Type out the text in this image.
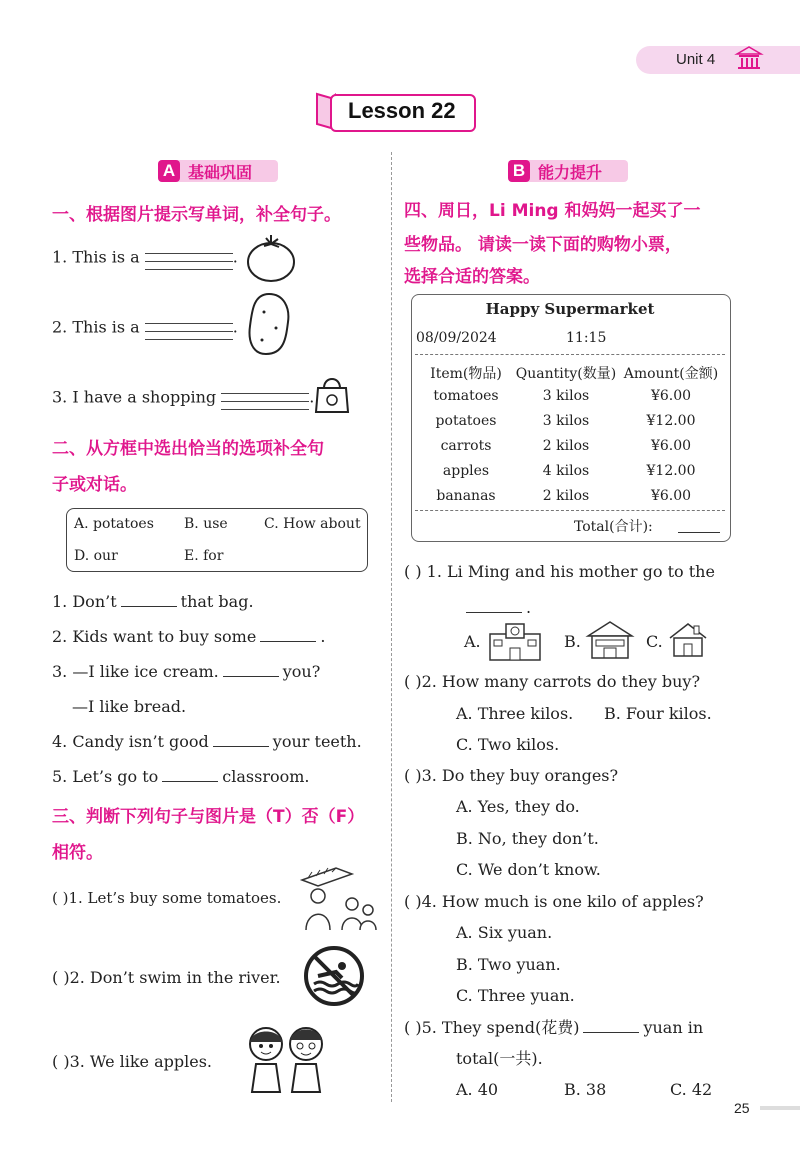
Unit 4
Lesson 22
A 基础巩固	B 能力提升
一、根据图片提示写单词，补全句子。
1. This is a	.
2. This is a	.
3. I have a shopping	.
二、从方框中选出恰当的选项补全句
子或对话。
A. potatoes B. use	C. How about
D. our	E. for
1. Don’t	that bag.
2. Kids want to buy some	.
3. —I like ice cream.	you?
—I like bread.
4. Candy isn’t good	your teeth.
5. Let’s go to	classroom.
三、判断下列句子与图片是（T）否（F）
相符。
( )1. Let’s buy some tomatoes.
( )2. Don’t swim in the river.
( )3. We like apples.
四、周日，Li Ming 和妈妈一起买了一
些物品。 请读一读下面的购物小票，
选择合适的答案。
Happy Supermarket
08/09/2024	11:15
Item(物品) Quantity(数量) Amount(金额)
tomatoes	3 kilos	¥6.00
potatoes	3 kilos	¥12.00
carrots	2 kilos	¥6.00
apples	4 kilos	¥12.00
bananas	2 kilos	¥6.00
Total(合计):
( ) 1. Li Ming and his mother go to the
.
A.	B.	C.
( )2. How many carrots do they buy?
A. Three kilos. B. Four kilos.
C. Two kilos.
( )3. Do they buy oranges?
A. Yes, they do.
B. No, they don’t.
C. We don’t know.
( )4. How much is one kilo of apples?
A. Six yuan.
B. Two yuan.
C. Three yuan.
( )5. They spend(花费)	yuan in
total(一共).
A. 40	B. 38	C. 42
25
